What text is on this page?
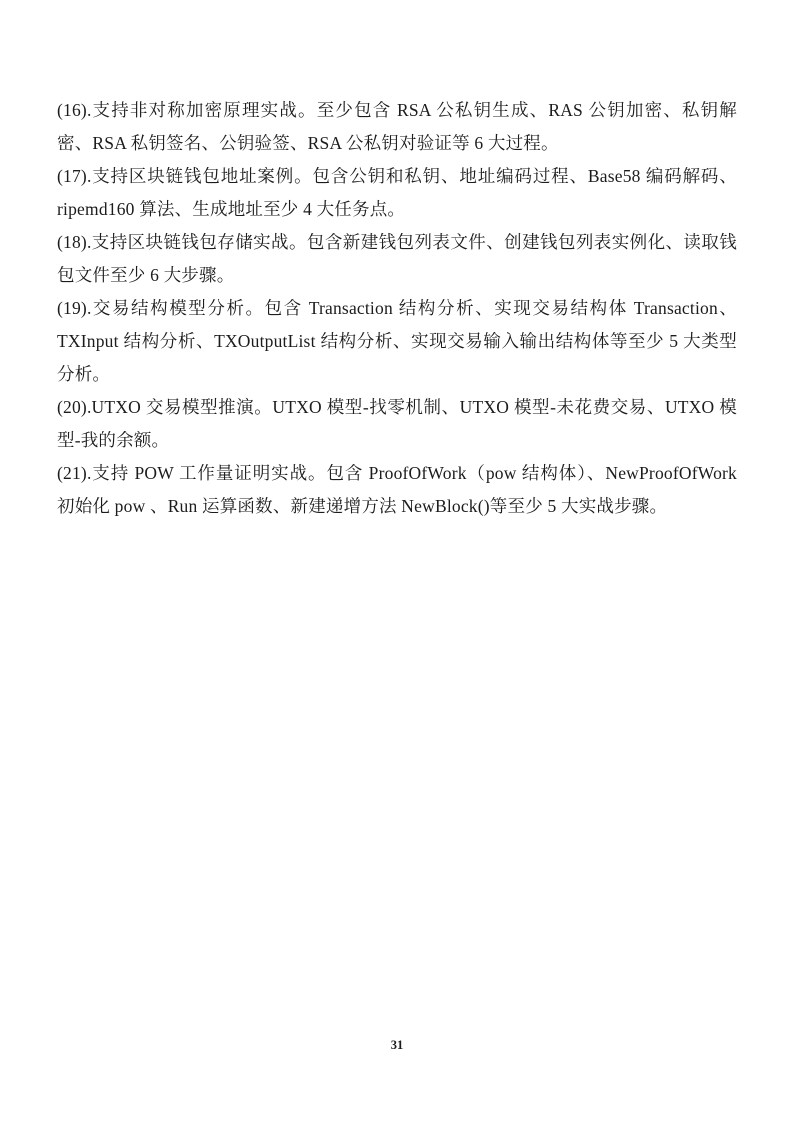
(16).支持非对称加密原理实战。至少包含 RSA 公私钥生成、RAS 公钥加密、私钥解密、RSA 私钥签名、公钥验签、RSA 公私钥对验证等 6 大过程。

(17).支持区块链钱包地址案例。包含公钥和私钥、地址编码过程、Base58 编码解码、ripemd160 算法、生成地址至少 4 大任务点。

(18).支持区块链钱包存储实战。包含新建钱包列表文件、创建钱包列表实例化、读取钱包文件至少 6 大步骤。

(19).交易结构模型分析。包含 Transaction 结构分析、实现交易结构体 Transaction、TXInput 结构分析、TXOutputList 结构分析、实现交易输入输出结构体等至少 5 大类型分析。

(20).UTXO 交易模型推演。UTXO 模型-找零机制、UTXO 模型-未花费交易、UTXO 模型-我的余额。

(21).支持 POW 工作量证明实战。包含 ProofOfWork（pow 结构体）、NewProofOfWork 初始化 pow 、Run 运算函数、新建递增方法 NewBlock()等至少 5 大实战步骤。

31
